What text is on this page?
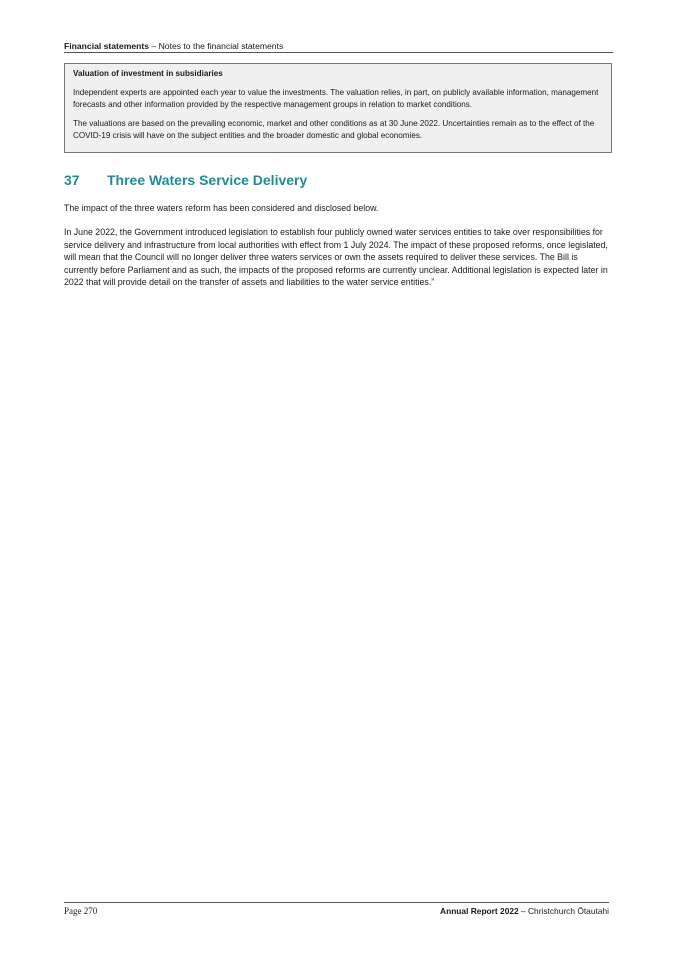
Financial statements – Notes to the financial statements
Valuation of investment in subsidiaries

Independent experts are appointed each year to value the investments. The valuation relies, in part, on publicly available information, management forecasts and other information provided by the respective management groups in relation to market conditions.

The valuations are based on the prevailing economic, market and other conditions as at 30 June 2022. Uncertainties remain as to the effect of the COVID-19 crisis will have on the subject entities and the broader domestic and global economies.

37 Three Waters Service Delivery

The impact of the three waters reform has been considered and disclosed below.

In June 2022, the Government introduced legislation to establish four publicly owned water services entities to take over responsibilities for service delivery and infrastructure from local authorities with effect from 1 July 2024. The impact of these proposed reforms, once legislated, will mean that the Council will no longer deliver three waters services or own the assets required to deliver these services. The Bill is currently before Parliament and as such, the impacts of the proposed reforms are currently unclear. Additional legislation is expected later in 2022 that will provide detail on the transfer of assets and liabilities to the water service entities.”

Page 270	Annual Report 2022 – Christchurch Ōtautahi
